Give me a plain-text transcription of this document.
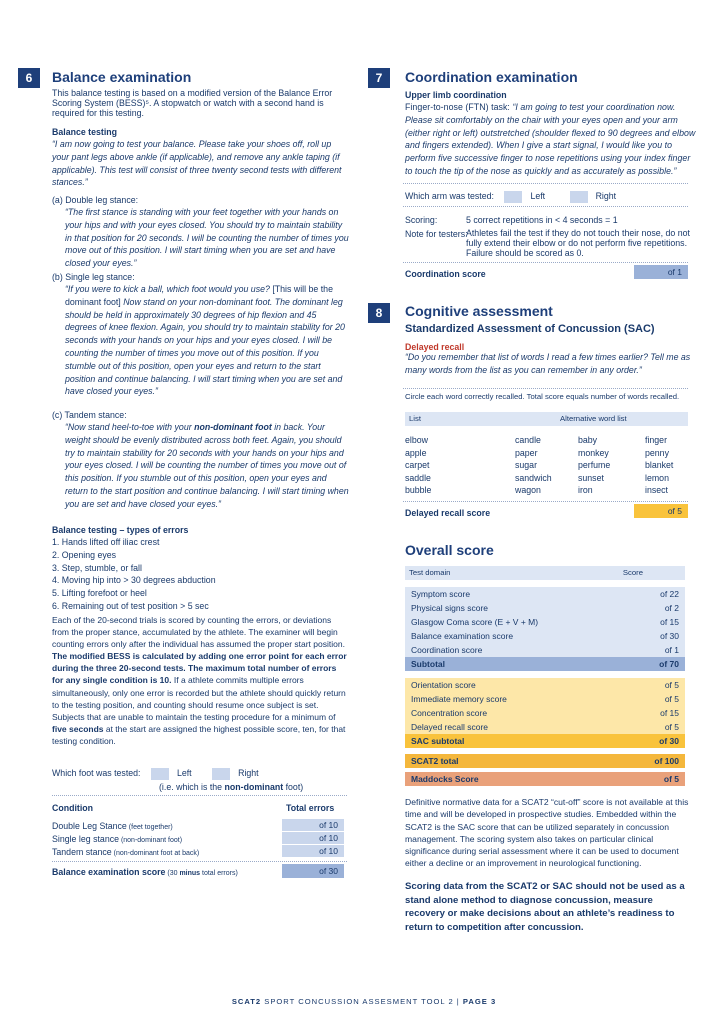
6	Balance examination
This balance testing is based on a modified version of the Balance Error Scoring System (BESS)⁵. A stopwatch or watch with a second hand is required for this testing.
Balance testing
“I am now going to test your balance. Please take your shoes off, roll up your pant legs above ankle (if applicable), and remove any ankle taping (if applicable). This test will consist of three twenty second tests with different stances.”
(a) Double leg stance:
“The first stance is standing with your feet together with your hands on your hips and with your eyes closed. You should try to maintain stability in that position for 20 seconds. I will be counting the number of times you move out of this position. I will start timing when you are set and have closed your eyes.”
(b) Single leg stance:
“If you were to kick a ball, which foot would you use? [This will be the dominant foot] Now stand on your non-dominant foot. The dominant leg should be held in approximately 30 degrees of hip flexion and 45 degrees of knee flexion. Again, you should try to maintain stability for 20 seconds with your hands on your hips and your eyes closed. I will be counting the number of times you move out of this position. If you stumble out of this position, open your eyes and return to the start position and continue balancing. I will start timing when you are set and have closed your eyes.”
(c) Tandem stance:
“Now stand heel-to-toe with your non-dominant foot in back. Your weight should be evenly distributed across both feet. Again, you should try to maintain stability for 20 seconds with your hands on your hips and your eyes closed. I will be counting the number of times you move out of this position. If you stumble out of this position, open your eyes and return to the start position and continue balancing. I will start timing when you are set and have closed your eyes.”
Balance testing – types of errors
1. Hands lifted off iliac crest
2. Opening eyes
3. Step, stumble, or fall
4. Moving hip into > 30 degrees abduction
5. Lifting forefoot or heel
6. Remaining out of test position > 5 sec
Each of the 20-second trials is scored by counting the errors, or deviations from the proper stance, accumulated by the athlete. The examiner will begin counting errors only after the individual has assumed the proper start position. The modified BESS is calculated by adding one error point for each error during the three 20-second tests. The maximum total number of errors for any single condition is 10. If a athlete commits multiple errors simultaneously, only one error is recorded but the athlete should quickly return to the testing position, and counting should resume once subject is set. Subjects that are unable to maintain the testing procedure for a minimum of five seconds at the start are assigned the highest possible score, ten, for that testing condition.
Which foot was tested:	Left	Right
(i.e. which is the non-dominant foot)
Condition	Total errors
Double Leg Stance (feet together)	of 10
Single leg stance (non-dominant foot)	of 10
Tandem stance (non-dominant foot at back)	of 10
Balance examination score (30 minus total errors)	of 30
7	Coordination examination
Upper limb coordination
Finger-to-nose (FTN) task: “I am going to test your coordination now. Please sit comfortably on the chair with your eyes open and your arm (either right or left) outstretched (shoulder flexed to 90 degrees and elbow and fingers extended). When I give a start signal, I would like you to perform five successive finger to nose repetitions using your index finger to touch the tip of the nose as quickly and as accurately as possible.”
Which arm was tested:	Left	Right
Scoring:	5 correct repetitions in < 4 seconds = 1
Note for testers:
Athletes fail the test if they do not touch their nose, do not fully extend their elbow or do not perform five repetitions. Failure should be scored as 0.
Coordination score	of 1
8	Cognitive assessment
Standardized Assessment of Concussion (SAC)
Delayed recall
“Do you remember that list of words I read a few times earlier? Tell me as many words from the list as you can remember in any order.”
Circle each word correctly recalled. Total score equals number of words recalled.
List	Alternative word list
elbow	candle	baby	finger
apple	paper	monkey	penny
carpet	sugar	perfume	blanket
saddle	sandwich	sunset	lemon
bubble	wagon	iron	insect
Delayed recall score	of 5
Overall score
Test domain	Score
Symptom score	of 22
Physical signs score	of 2
Glasgow Coma score (E + V + M)	of 15
Balance examination score	of 30
Coordination score	of 1
Subtotal	of 70
Orientation score	of 5
Immediate memory score	of 5
Concentration score	of 15
Delayed recall score	of 5
SAC subtotal	of 30
SCAT2 total	of 100
Maddocks Score	of 5
Definitive normative data for a SCAT2 “cut-off” score is not available at this time and will be developed in prospective studies. Embedded within the SCAT2 is the SAC score that can be utilized separately in concussion management. The scoring system also takes on particular clinical significance during serial assessment where it can be used to document either a decline or an improvement in neurological functioning.
Scoring data from the SCAT2 or SAC should not be used as a stand alone method to diagnose concussion, measure recovery or make decisions about an athlete’s readiness to return to competition after concussion.
SCAT2 SPORT CONCUSSION ASSESMENT TOOL 2 | PAGE 3
